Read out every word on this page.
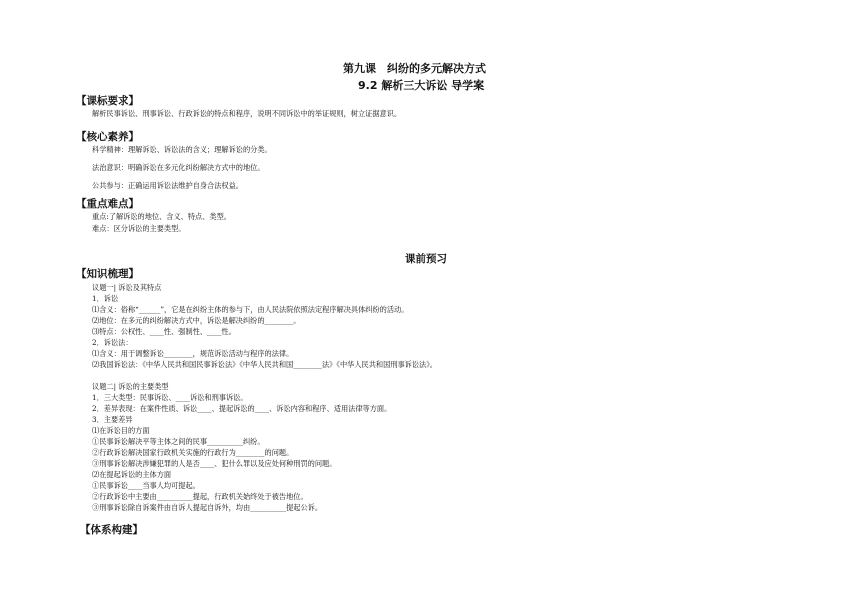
第九课　纠纷的多元解决方式
9.2 解析三大诉讼 导学案
【课标要求】
解析民事诉讼、刑事诉讼、行政诉讼的特点和程序，说明不同诉讼中的举证规则，树立证据意识。
【核心素养】
科学精神：理解诉讼、诉讼法的含义；理解诉讼的分类。
法治意识：明确诉讼在多元化纠纷解决方式中的地位。
公共参与：正确运用诉讼法维护自身合法权益。
【重点难点】
重点:了解诉讼的地位、含义、特点、类型。
难点：区分诉讼的主要类型。
课前预习
【知识梳理】
议题一| 诉讼及其特点
1．诉讼
⑴含义：俗称“______”，它是在纠纷主体的参与下，由人民法院依照法定程序解决具体纠纷的活动。
⑵地位：在多元的纠纷解决方式中，诉讼是解决纠纷的________。
⑶特点：公权性、____性、强制性、____性。
2．诉讼法：
⑴含义：用于调整诉讼________，规范诉讼活动与程序的法律。
⑵我国诉讼法：《中华人民共和国民事诉讼法》《中华人民共和国________法》《中华人民共和国刑事诉讼法》。
议题二| 诉讼的主要类型
1．三大类型：民事诉讼、____诉讼和刑事诉讼。
2．差异表现：在案件性质、诉讼____、提起诉讼的____、诉讼内容和程序、适用法律等方面。
3．主要差异
⑴在诉讼目的方面
①民事诉讼解决平等主体之间的民事__________纠纷。
②行政诉讼解决国家行政机关实施的行政行为________的问题。
③刑事诉讼解决涉嫌犯罪的人是否____、犯什么罪以及应处何种刑罚的问题。
⑵在提起诉讼的主体方面
①民事诉讼____当事人均可提起。
②行政诉讼中主要由__________提起，行政机关始终处于被告地位。
③刑事诉讼除自诉案件由自诉人提起自诉外，均由__________提起公诉。
【体系构建】
